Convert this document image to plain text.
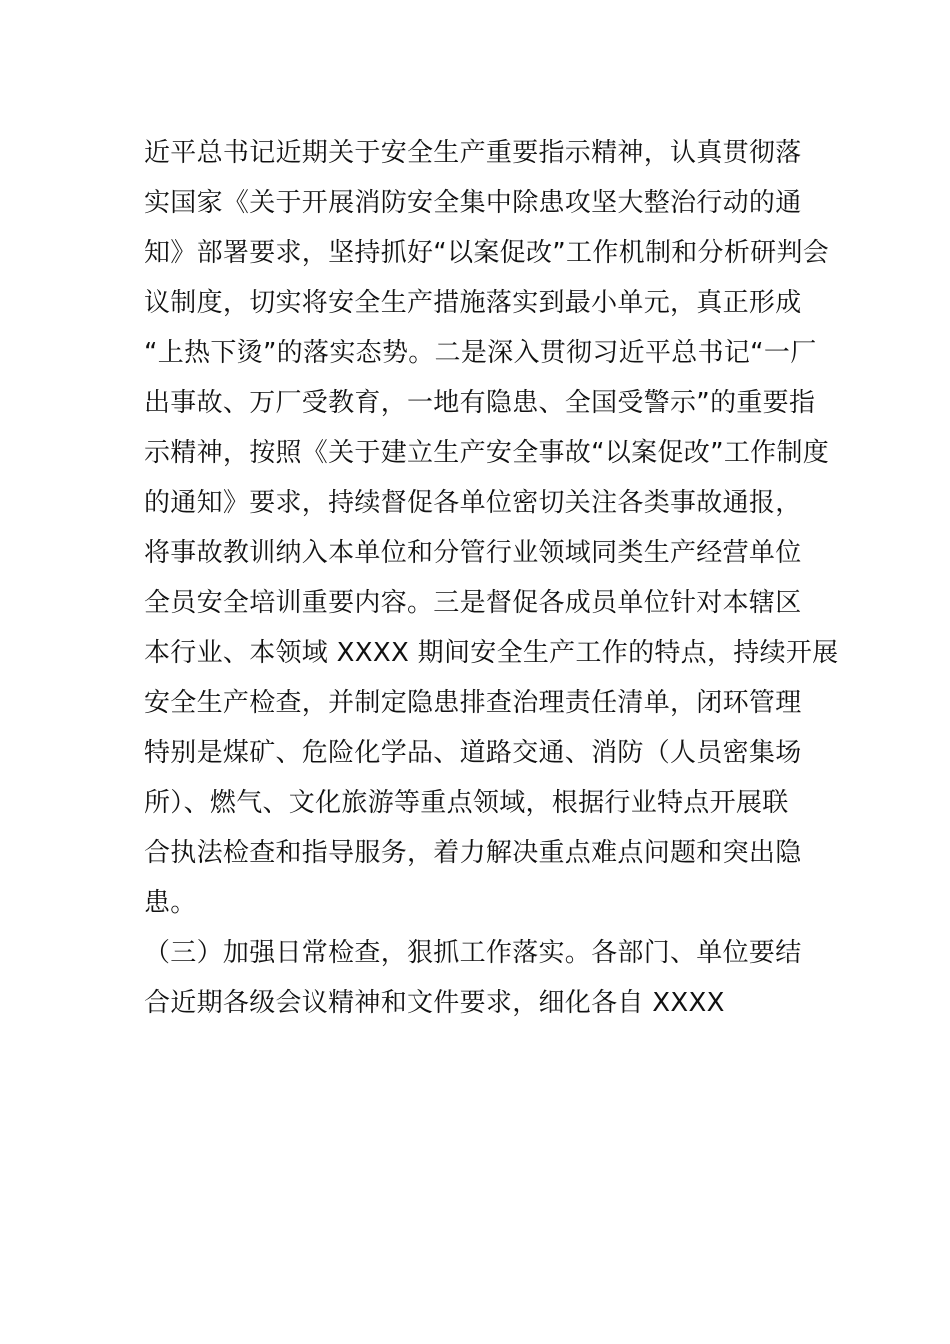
近平总书记近期关于安全生产重要指示精神，认真贯彻落
实国家《关于开展消防安全集中除患攻坚大整治行动的通
知》部署要求，坚持抓好“以案促改”工作机制和分析研判会
议制度，切实将安全生产措施落实到最小单元，真正形成
“上热下烫”的落实态势。二是深入贯彻习近平总书记“一厂
出事故、万厂受教育，一地有隐患、全国受警示”的重要指
示精神，按照《关于建立生产安全事故“以案促改”工作制度
的通知》要求，持续督促各单位密切关注各类事故通报，
将事故教训纳入本单位和分管行业领域同类生产经营单位
全员安全培训重要内容。三是督促各成员单位针对本辖区
本行业、本领域 XXXX 期间安全生产工作的特点，持续开展
安全生产检查，并制定隐患排查治理责任清单，闭环管理
特别是煤矿、危险化学品、道路交通、消防（人员密集场
所）、燃气、文化旅游等重点领域，根据行业特点开展联
合执法检查和指导服务，着力解决重点难点问题和突出隐
患。
（三）加强日常检查，狠抓工作落实。各部门、单位要结
合近期各级会议精神和文件要求，细化各自 XXXX
